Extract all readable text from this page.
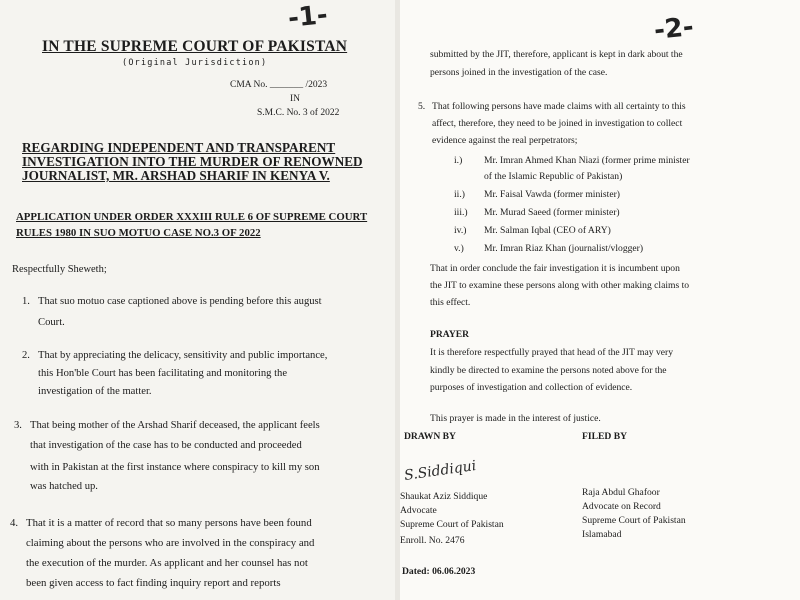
-1-
IN THE SUPREME COURT OF PAKISTAN
(Original Jurisdiction)
CMA No. _______ /2023
IN
S.M.C. No. 3 of 2022
REGARDING INDEPENDENT AND TRANSPARENT
INVESTIGATION INTO THE MURDER OF RENOWNED
JOURNALIST, MR. ARSHAD SHARIF IN KENYA V.
APPLICATION UNDER ORDER XXXIII RULE 6 OF SUPREME COURT
RULES 1980 IN SUO MOTUO CASE NO.3 OF 2022
Respectfully Sheweth;
1. That suo motuo case captioned above is pending before this august
Court.
2. That by appreciating the delicacy, sensitivity and public importance,
this Hon'ble Court has been facilitating and monitoring the
investigation of the matter.
3. That being mother of the Arshad Sharif deceased, the applicant feels
that investigation of the case has to be conducted and proceeded
with in Pakistan at the first instance where conspiracy to kill my son
was hatched up.
4. That it is a matter of record that so many persons have been found
claiming about the persons who are involved in the conspiracy and
the execution of the murder. As applicant and her counsel has not
been given access to fact finding inquiry report and reports
-2-
submitted by the JIT, therefore, applicant is kept in dark about the
persons joined in the investigation of the case.
5. That following persons have made claims with all certainty to this
affect, therefore, they need to be joined in investigation to collect
evidence against the real perpetrators;
i.) Mr. Imran Ahmed Khan Niazi (former prime minister
of the Islamic Republic of Pakistan)
ii.) Mr. Faisal Vawda (former minister)
iii.) Mr. Murad Saeed (former minister)
iv.) Mr. Salman Iqbal (CEO of ARY)
v.) Mr. Imran Riaz Khan (journalist/vlogger)
That in order conclude the fair investigation it is incumbent upon
the JIT to examine these persons along with other making claims to
this effect.
PRAYER
It is therefore respectfully prayed that head of the JIT may very
kindly be directed to examine the persons noted above for the
purposes of investigation and collection of evidence.
This prayer is made in the interest of justice.
DRAWN BY	FILED BY
S.Siddiqui
Shaukat Aziz Siddique
Advocate
Supreme Court of Pakistan
Enroll. No. 2476
Raja Abdul Ghafoor
Advocate on Record
Supreme Court of Pakistan
Islamabad
Dated: 06.06.2023
